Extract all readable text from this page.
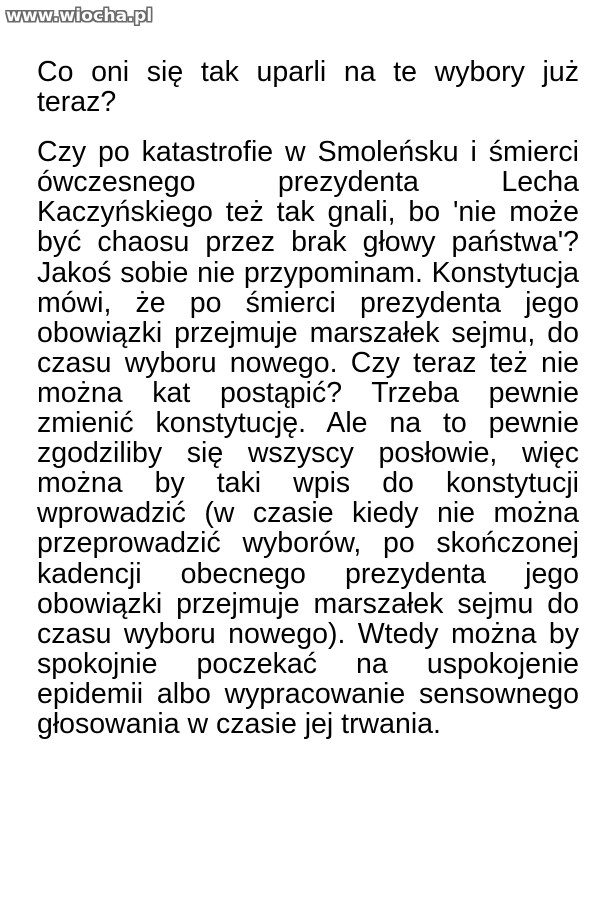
www.wiocha.pl

Co oni się tak uparli na te wybory już teraz?

Czy po katastrofie w Smoleńsku i śmierci ówczesnego prezydenta Lecha Kaczyńskiego też tak gnali, bo 'nie może być chaosu przez brak głowy państwa'? Jakoś sobie nie przypominam. Konstytucja mówi, że po śmierci prezydenta jego obowiązki przejmuje marszałek sejmu, do czasu wyboru nowego. Czy teraz też nie można kat postąpić? Trzeba pewnie zmienić konstytucję. Ale na to pewnie zgodziliby się wszyscy posłowie, więc można by taki wpis do konstytucji wprowadzić (w czasie kiedy nie można przeprowadzić wyborów, po skończonej kadencji obecnego prezydenta jego obowiązki przejmuje marszałek sejmu do czasu wyboru nowego). Wtedy można by spokojnie poczekać na uspokojenie epidemii albo wypracowanie sensownego głosowania w czasie jej trwania.
